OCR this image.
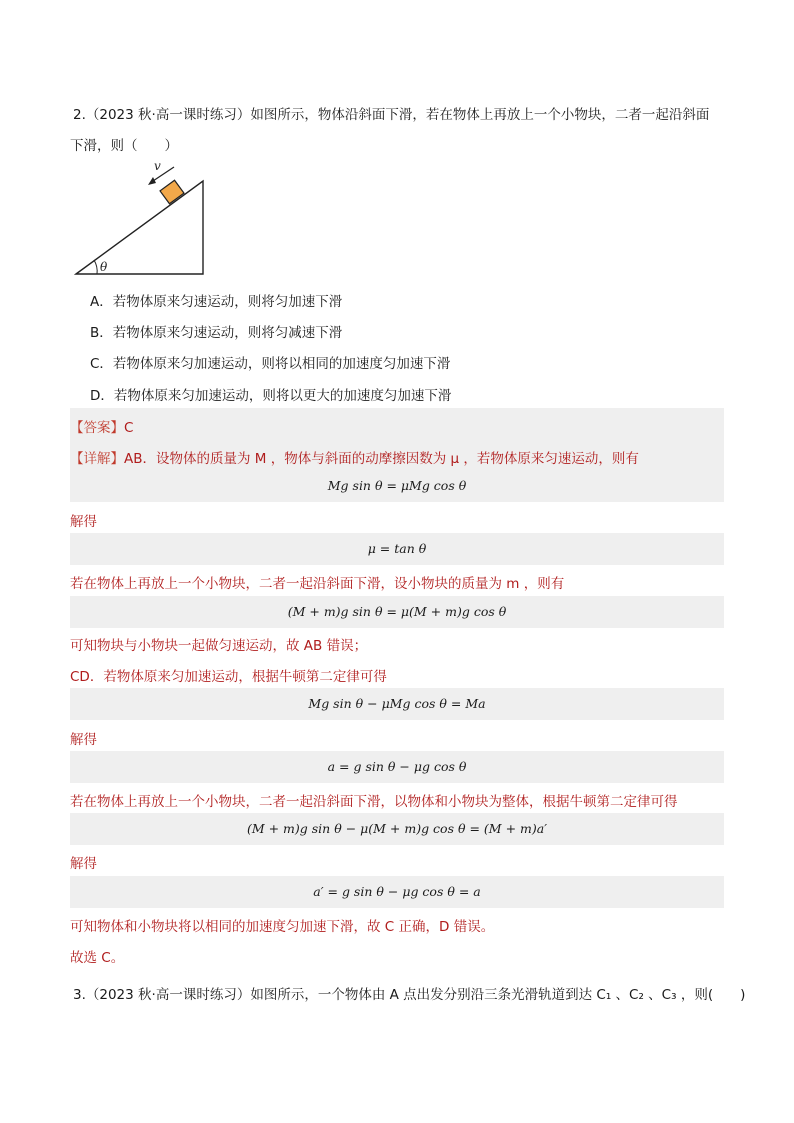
2.（2023 秋·高一课时练习）如图所示，物体沿斜面下滑，若在物体上再放上一个小物块，二者一起沿斜面
下滑，则（　　）
v
θ
A．若物体原来匀速运动，则将匀加速下滑
B．若物体原来匀速运动，则将匀减速下滑
C．若物体原来匀加速运动，则将以相同的加速度匀加速下滑
D．若物体原来匀加速运动，则将以更大的加速度匀加速下滑
【答案】C
【详解】AB．设物体的质量为 M ，物体与斜面的动摩擦因数为 μ ，若物体原来匀速运动，则有
Mg sin θ = μMg cos θ
解得
μ = tan θ
若在物体上再放上一个小物块，二者一起沿斜面下滑，设小物块的质量为 m ，则有
(M + m)g sin θ = μ(M + m)g cos θ
可知物块与小物块一起做匀速运动，故 AB 错误；
CD．若物体原来匀加速运动，根据牛顿第二定律可得
Mg sin θ − μMg cos θ = Ma
解得
a = g sin θ − μg cos θ
若在物体上再放上一个小物块，二者一起沿斜面下滑，以物体和小物块为整体，根据牛顿第二定律可得
(M + m)g sin θ − μ(M + m)g cos θ = (M + m)a′
解得
a′ = g sin θ − μg cos θ = a
可知物体和小物块将以相同的加速度匀加速下滑，故 C 正确，D 错误。
故选 C。
3.（2023 秋·高一课时练习）如图所示，一个物体由 A 点出发分别沿三条光滑轨道到达 C₁ 、C₂ 、C₃ ，则(　　)
